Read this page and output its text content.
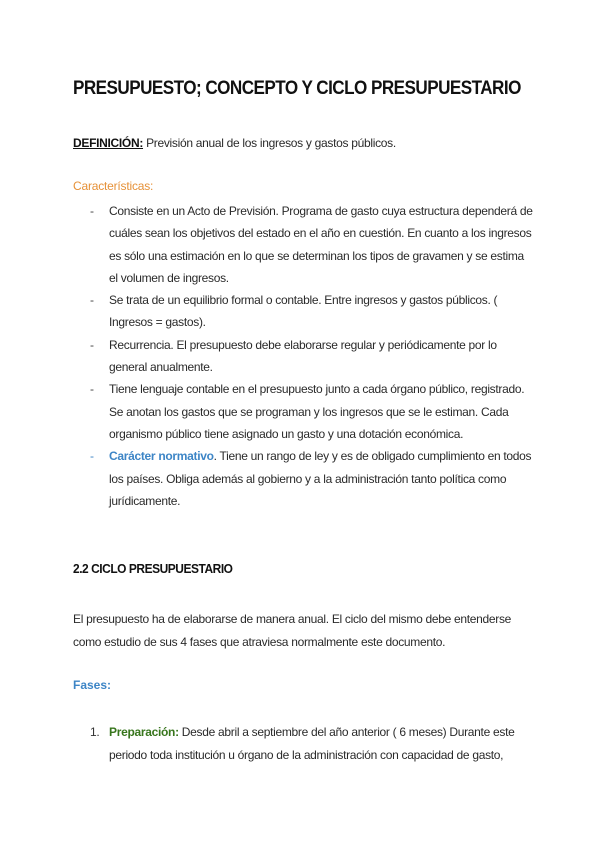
PRESUPUESTO; CONCEPTO Y CICLO PRESUPUESTARIO
DEFINICIÓN: Previsión anual de los ingresos y gastos públicos.
Características:
- Consiste en un Acto de Previsión. Programa de gasto cuya estructura dependerá de cuáles sean los objetivos del estado en el año en cuestión. En cuanto a los ingresos es sólo una estimación en lo que se determinan los tipos de gravamen y se estima el volumen de ingresos.
- Se trata de un equilibrio formal o contable. Entre ingresos y gastos públicos. ( Ingresos = gastos).
- Recurrencia. El presupuesto debe elaborarse regular y periódicamente por lo general anualmente.
- Tiene lenguaje contable en el presupuesto junto a cada órgano público, registrado. Se anotan los gastos que se programan y los ingresos que se le estiman. Cada organismo público tiene asignado un gasto y una dotación económica.
- Carácter normativo. Tiene un rango de ley y es de obligado cumplimiento en todos los países. Obliga además al gobierno y a la administración tanto política como jurídicamente.
2.2 CICLO PRESUPUESTARIO

El presupuesto ha de elaborarse de manera anual. El ciclo del mismo debe entenderse como estudio de sus 4 fases que atraviesa normalmente este documento.

Fases:
1. Preparación: Desde abril a septiembre del año anterior ( 6 meses) Durante este periodo toda institución u órgano de la administración con capacidad de gasto,
